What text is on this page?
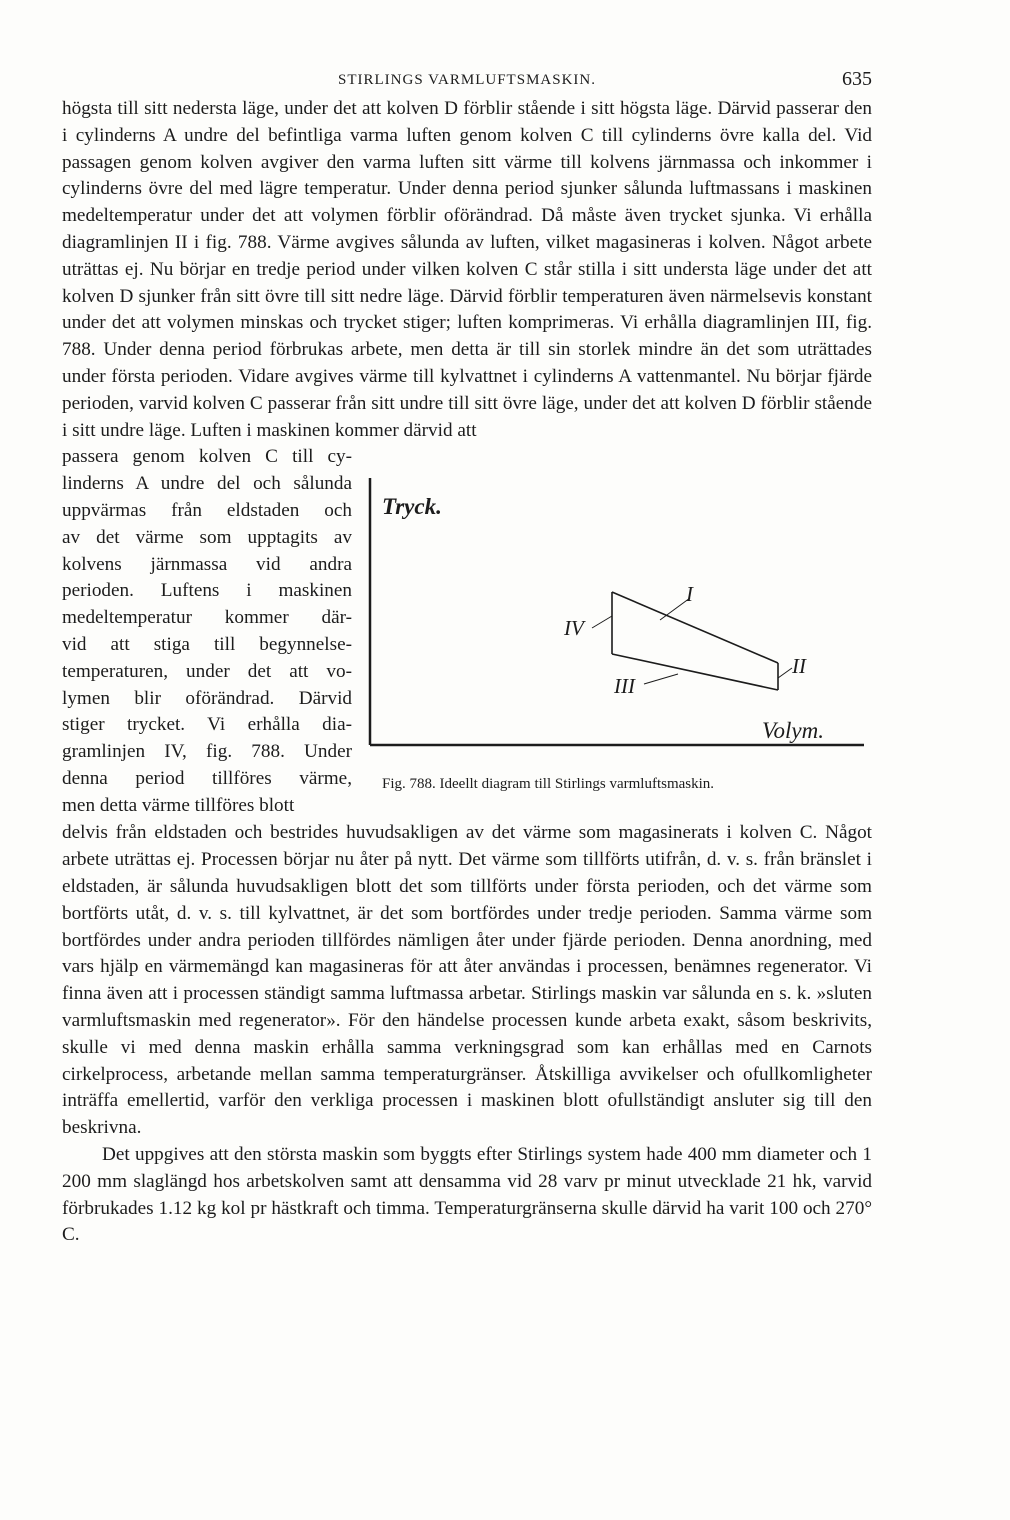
STIRLINGS VARMLUFTSMASKIN.	635

högsta till sitt nedersta läge, under det att kolven D förblir stående i sitt högsta läge. Därvid passerar den i cylinderns A undre del befintliga varma luften genom kolven C till cylinderns övre kalla del. Vid passagen genom kolven avgiver den varma luften sitt värme till kolvens järnmassa och inkommer i cylinderns övre del med lägre temperatur. Under denna period sjunker sålunda luftmassans i maskinen medeltemperatur under det att volymen förblir oförändrad. Då måste även trycket sjunka. Vi erhålla diagramlinjen II i fig. 788. Värme avgives sålunda av luften, vilket magasineras i kolven. Något arbete uträttas ej. Nu börjar en tredje period under vilken kolven C står stilla i sitt understa läge under det att kolven D sjunker från sitt övre till sitt nedre läge. Därvid förblir temperaturen även närmelsevis konstant under det att volymen minskas och trycket stiger; luften komprimeras. Vi erhålla diagramlinjen III, fig. 788. Under denna period förbrukas arbete, men detta är till sin storlek mindre än det som uträttades under första perioden. Vidare avgives värme till kylvattnet i cylinderns A vattenmantel. Nu börjar fjärde perioden, varvid kolven C passerar från sitt undre till sitt övre läge, under det att kolven D förblir stående i sitt undre läge. Luften i maskinen kommer därvid att

passera genom kolven C till cy-
linderns A undre del och sålunda
uppvärmas från eldstaden och
av det värme som upptagits av
kolvens järnmassa vid andra
perioden. Luftens i maskinen
medeltemperatur kommer där-
vid att stiga till begynnelse-
temperaturen, under det att vo-
lymen blir oförändrad. Därvid
stiger trycket. Vi erhålla dia-
gramlinjen IV, fig. 788. Under
denna period tillföres värme,
men detta värme tillföres blott
Tryck.
Volym.
I
II
III
IV
Fig. 788. Ideellt diagram till Stirlings varmluftsmaskin.

delvis från eldstaden och bestrides huvudsakligen av det värme som magasinerats i kolven C. Något arbete uträttas ej. Processen börjar nu åter på nytt. Det värme som tillförts utifrån, d. v. s. från bränslet i eldstaden, är sålunda huvudsakligen blott det som tillförts under första perioden, och det värme som bortförts utåt, d. v. s. till kylvattnet, är det som bortfördes under tredje perioden. Samma värme som bortfördes under andra perioden tillfördes nämligen åter under fjärde perioden. Denna anordning, med vars hjälp en värmemängd kan magasineras för att åter användas i processen, benämnes regenerator. Vi finna även att i processen ständigt samma luftmassa arbetar. Stirlings maskin var sålunda en s. k. »sluten varmluftsmaskin med regenerator». För den händelse processen kunde arbeta exakt, såsom beskrivits, skulle vi med denna maskin erhålla samma verkningsgrad som kan erhållas med en Carnots cirkelprocess, arbetande mellan samma temperaturgränser. Åtskilliga avvikelser och ofullkomligheter inträffa emellertid, varför den verkliga processen i maskinen blott ofullständigt ansluter sig till den beskrivna.

Det uppgives att den största maskin som byggts efter Stirlings system hade 400 mm diameter och 1 200 mm slaglängd hos arbetskolven samt att densamma vid 28 varv pr minut utvecklade 21 hk, varvid förbrukades 1.12 kg kol pr hästkraft och timma. Temperaturgränserna skulle därvid ha varit 100 och 270° C.
